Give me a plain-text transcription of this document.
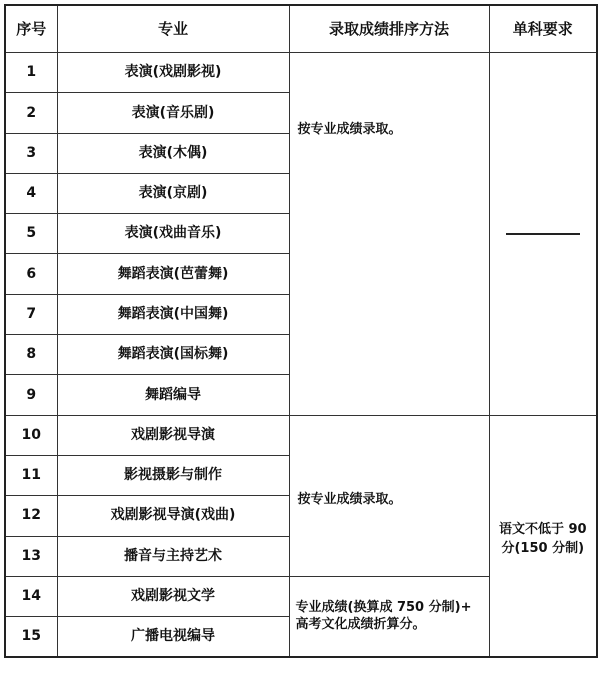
序号	专业	录取成绩排序方法	单科要求
1	表演(戏剧影视)	按专业成绩录取。	
2	表演(音乐剧)		
3	表演(木偶)		
4	表演(京剧)		
5	表演(戏曲音乐)		
6	舞蹈表演(芭蕾舞)		
7	舞蹈表演(中国舞)		
8	舞蹈表演(国标舞)		
9	舞蹈编导		
10	戏剧影视导演	按专业成绩录取。	语文不低于 90
分(150 分制)

11	影视摄影与制作		
12	戏剧影视导演(戏曲)		
13	播音与主持艺术		
14	戏剧影视文学	专业成绩(换算成 750 分制)+
高考文化成绩折算分。	

15	广播电视编导		
